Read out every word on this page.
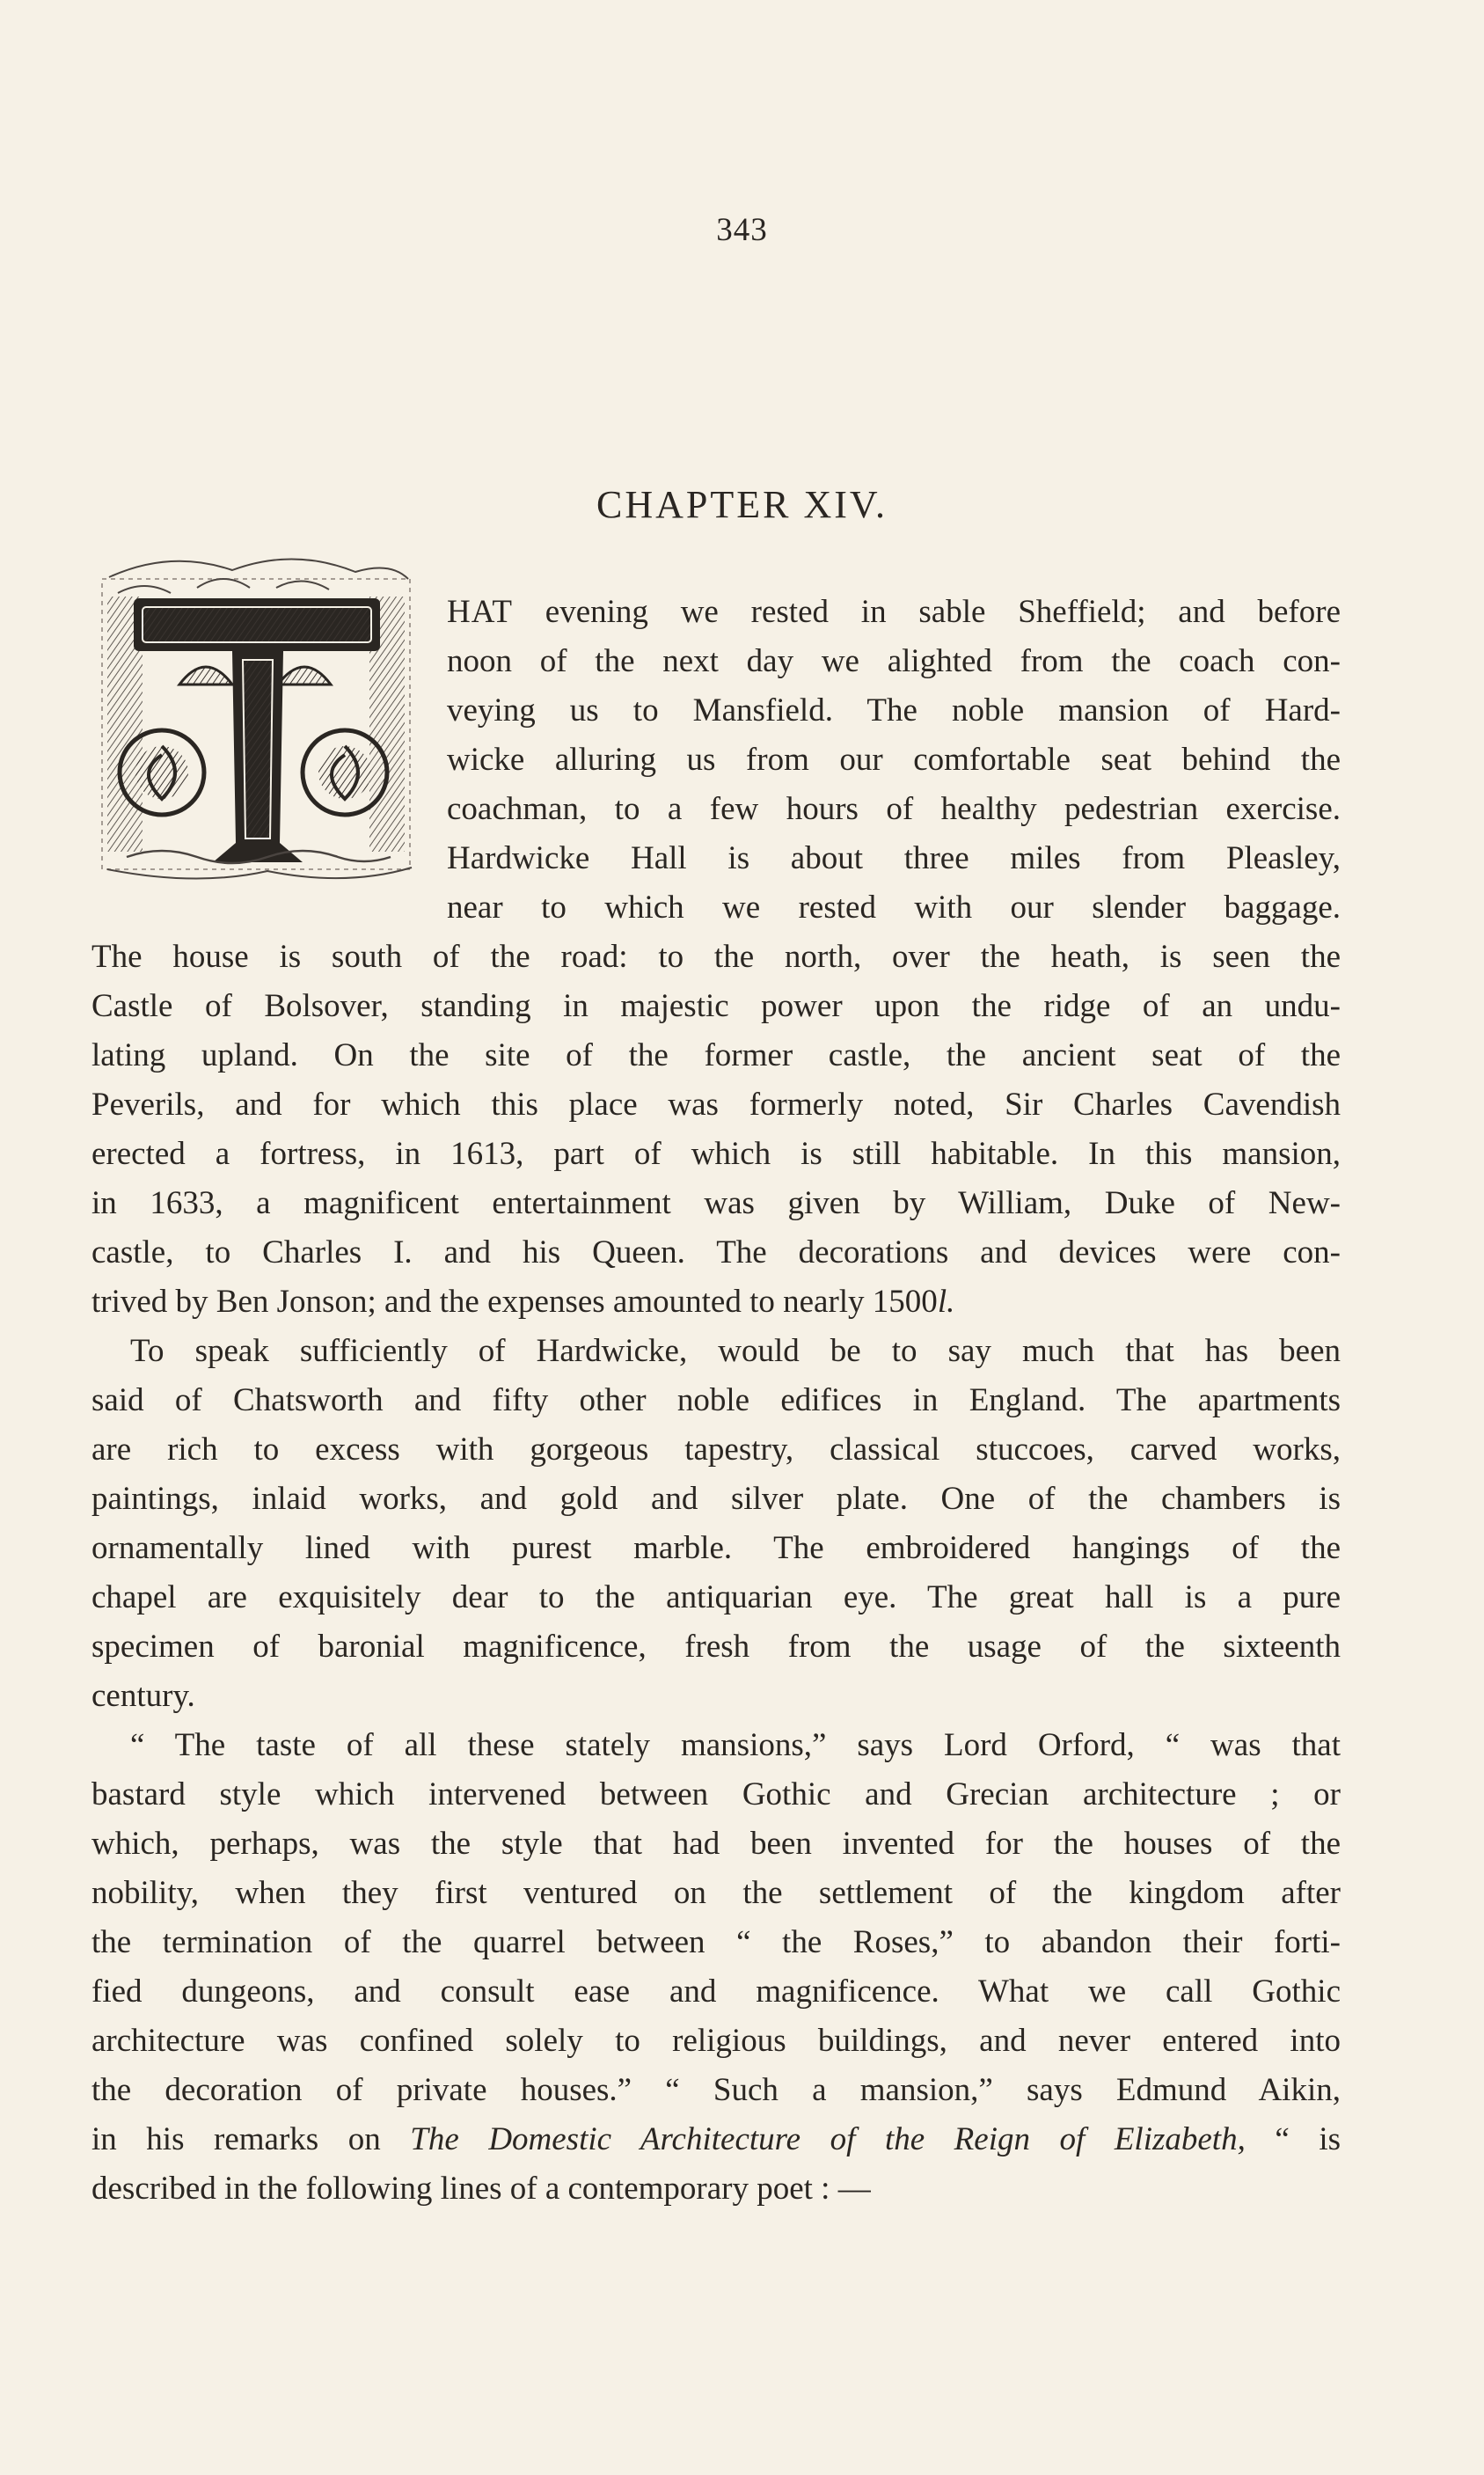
343
CHAPTER XIV.
HAT evening we rested in sable Sheffield; and before
noon of the next day we alighted from the coach con-
veying us to Mansfield. The noble mansion of Hard-
wicke alluring us from our comfortable seat behind the
coachman, to a few hours of healthy pedestrian exercise.
Hardwicke Hall is about three miles from Pleasley,
near to which we rested with our slender baggage.
The house is south of the road: to the north, over the heath, is seen the
Castle of Bolsover, standing in majestic power upon the ridge of an undu-
lating upland. On the site of the former castle, the ancient seat of the
Peverils, and for which this place was formerly noted, Sir Charles Cavendish
erected a fortress, in 1613, part of which is still habitable. In this mansion,
in 1633, a magnificent entertainment was given by William, Duke of New-
castle, to Charles I. and his Queen. The decorations and devices were con-
trived by Ben Jonson; and the expenses amounted to nearly 1500l.
To speak sufficiently of Hardwicke, would be to say much that has been
said of Chatsworth and fifty other noble edifices in England. The apartments
are rich to excess with gorgeous tapestry, classical stuccoes, carved works,
paintings, inlaid works, and gold and silver plate. One of the chambers is
ornamentally lined with purest marble. The embroidered hangings of the
chapel are exquisitely dear to the antiquarian eye. The great hall is a pure
specimen of baronial magnificence, fresh from the usage of the sixteenth
century.
“ The taste of all these stately mansions,” says Lord Orford, “ was that
bastard style which intervened between Gothic and Grecian architecture ; or
which, perhaps, was the style that had been invented for the houses of the
nobility, when they first ventured on the settlement of the kingdom after
the termination of the quarrel between “ the Roses,” to abandon their forti-
fied dungeons, and consult ease and magnificence. What we call Gothic
architecture was confined solely to religious buildings, and never entered into
the decoration of private houses.” “ Such a mansion,” says Edmund Aikin,
in his remarks on The Domestic Architecture of the Reign of Elizabeth, “ is
described in the following lines of a contemporary poet : —
